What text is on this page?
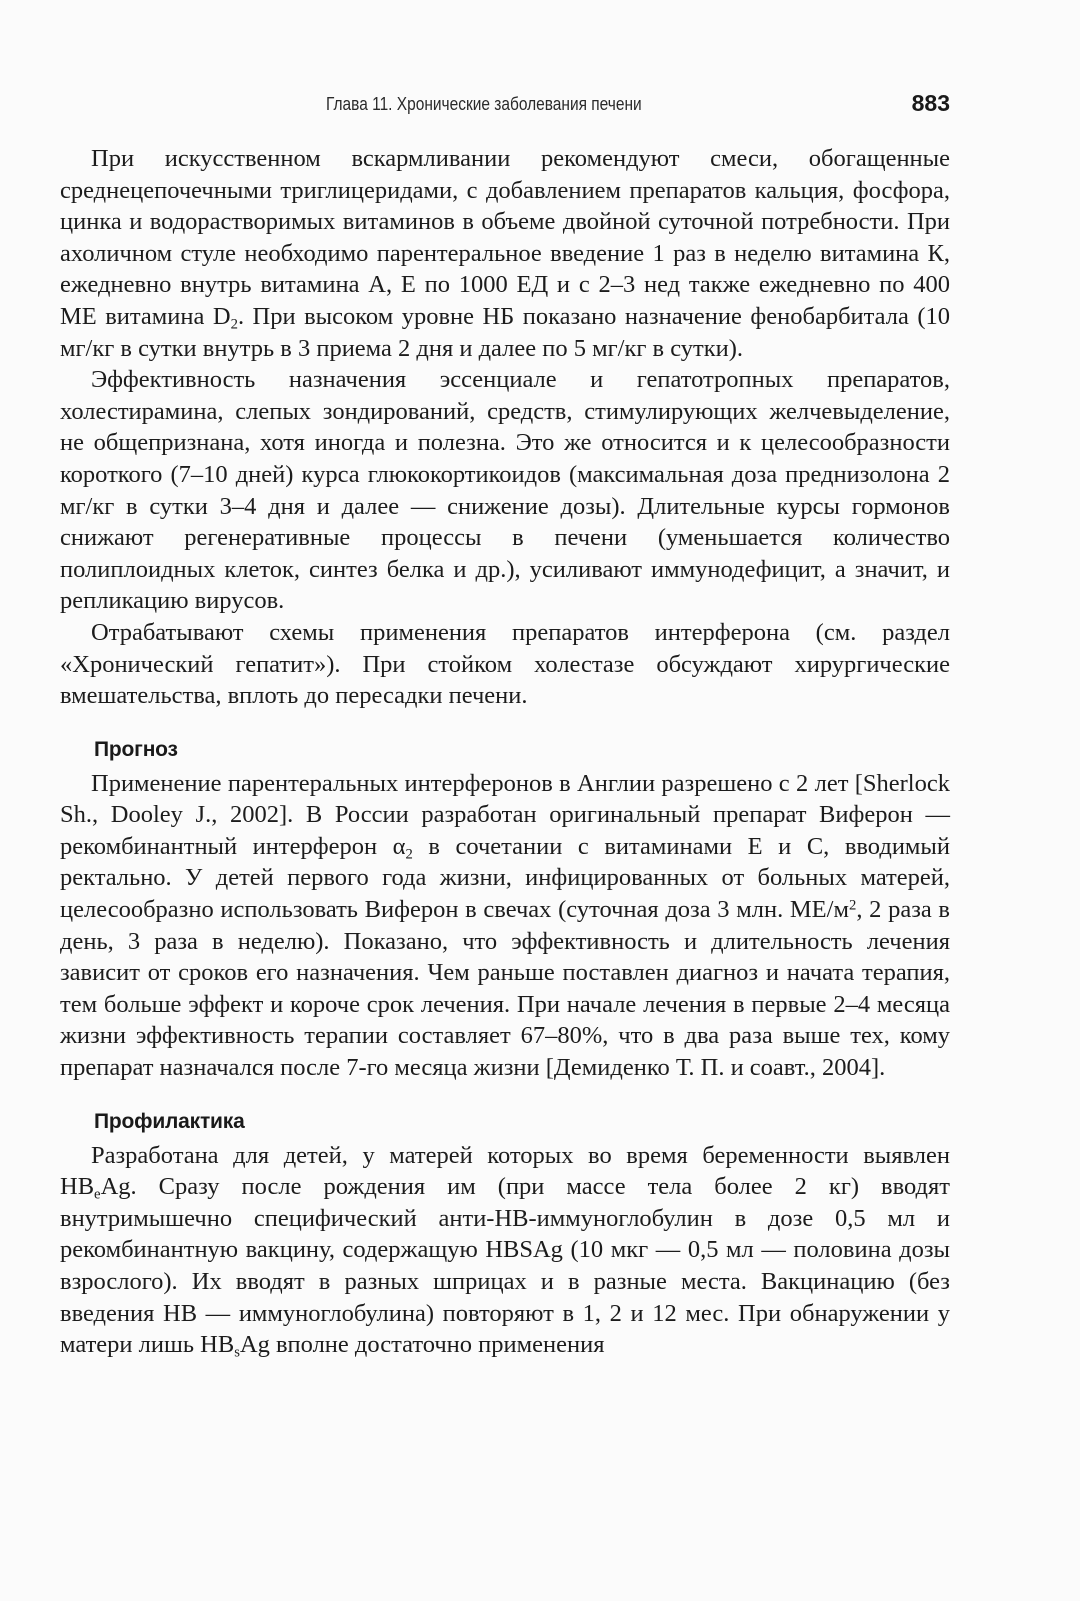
Глава 11. Хронические заболевания печени	883

При искусственном вскармливании рекомендуют смеси, обогащенные среднецепочечными триглицеридами, с добавлением препаратов кальция, фосфора, цинка и водорастворимых витаминов в объеме двойной суточной потребности. При ахоличном стуле необходимо парентеральное введение 1 раз в неделю витамина К, ежедневно внутрь витамина А, Е по 1000 ЕД и с 2–3 нед также ежедневно по 400 МЕ витамина $D_2$. При высоком уровне НБ показано назначение фенобарбитала (10 мг/кг в сутки внутрь в 3 приема 2 дня и далее по 5 мг/кг в сутки).

Эффективность назначения эссенциале и гепатотропных препаратов, холестирамина, слепых зондирований, средств, стимулирующих желчевыделение, не общепризнана, хотя иногда и полезна. Это же относится и к целесообразности короткого (7–10 дней) курса глюкокортикоидов (максимальная доза преднизолона 2 мг/кг в сутки 3–4 дня и далее — снижение дозы). Длительные курсы гормонов снижают регенеративные процессы в печени (уменьшается количество полиплоидных клеток, синтез белка и др.), усиливают иммунодефицит, а значит, и репликацию вирусов.

Отрабатывают схемы применения препаратов интерферона (см. раздел «Хронический гепатит»). При стойком холестазе обсуждают хирургические вмешательства, вплоть до пересадки печени.

Прогноз

Применение парентеральных интерферонов в Англии разрешено с 2 лет [Sherlock Sh., Dooley J., 2002]. В России разработан оригинальный препарат Виферон — рекомбинантный интерферон $\alpha_2$ в сочетании с витаминами Е и С, вводимый ректально. У детей первого года жизни, инфицированных от больных матерей, целесообразно использовать Виферон в свечах (суточная доза 3 млн. $МЕ/м^2$, 2 раза в день, 3 раза в неделю). Показано, что эффективность и длительность лечения зависит от сроков его назначения. Чем раньше поставлен диагноз и начата терапия, тем больше эффект и короче срок лечения. При начале лечения в первые 2–4 месяца жизни эффективность терапии составляет 67–80%, что в два раза выше тех, кому препарат назначался после 7-го месяца жизни [Демиденко Т. П. и соавт., 2004].

Профилактика

Разработана для детей, у матерей которых во время беременности выявлен $HB_eAg$. Сразу после рождения им (при массе тела более 2 кг) вводят внутримышечно специфический анти-НВ-иммуноглобулин в дозе 0,5 мл и рекомбинантную вакцину, содержащую HBSAg (10 мкг — 0,5 мл — половина дозы взрослого). Их вводят в разных шприцах и в разные места. Вакцинацию (без введения НВ — иммуноглобулина) повторяют в 1, 2 и 12 мес. При обнаружении у матери лишь $HB_sAg$ вполне достаточно применения
